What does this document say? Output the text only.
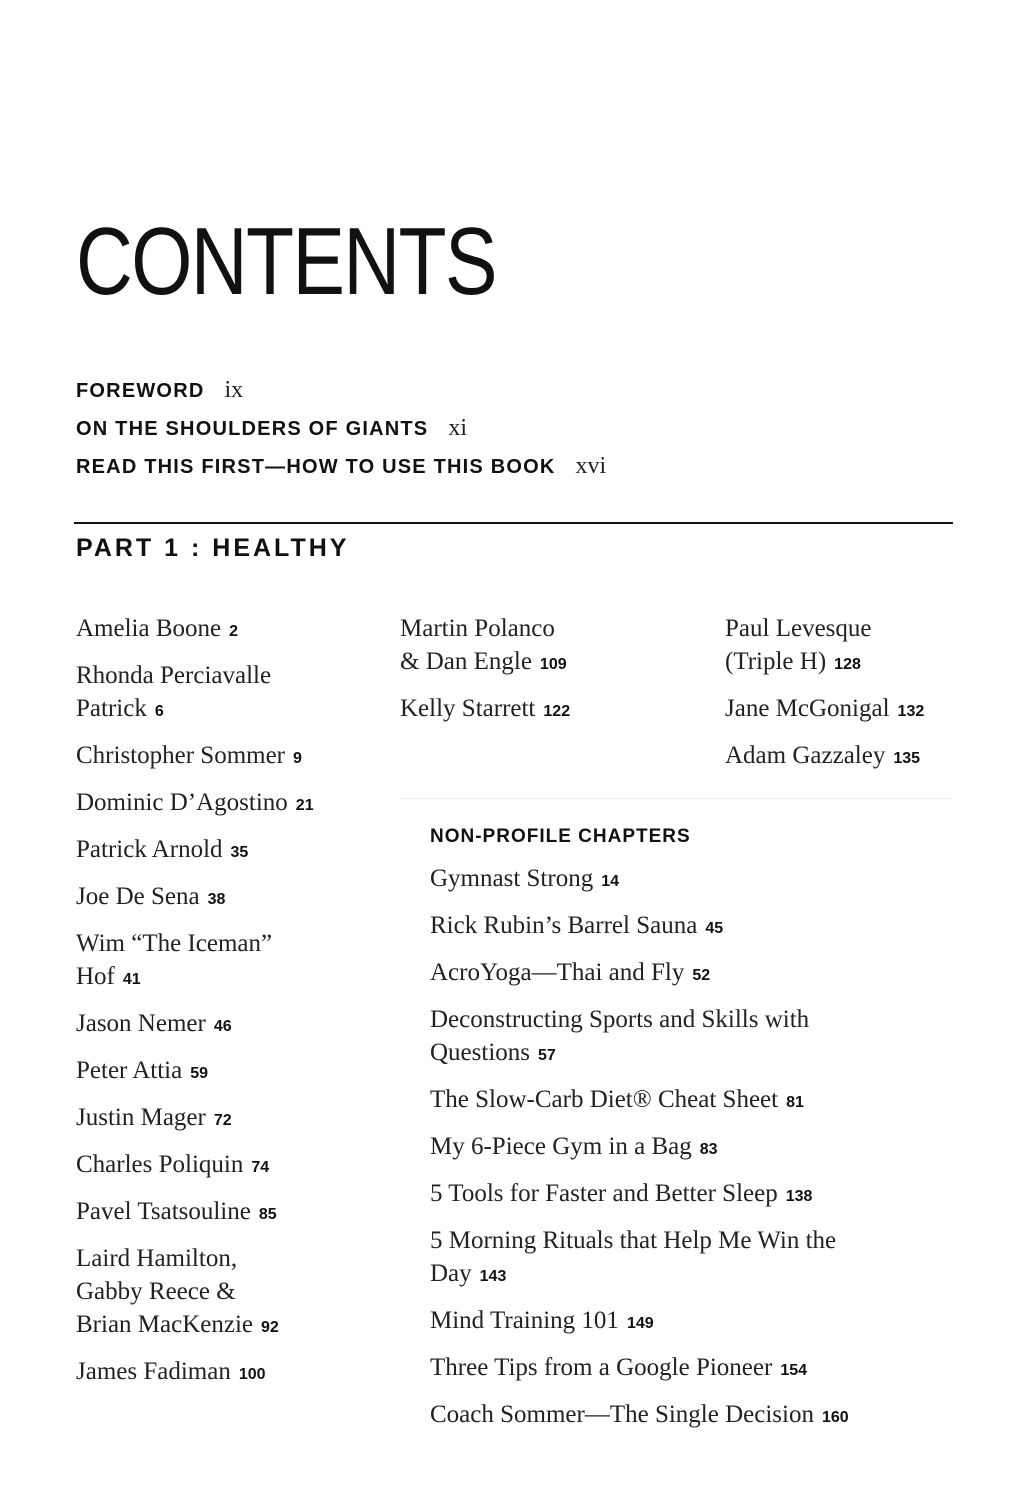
CONTENTS
FOREWORD ix
ON THE SHOULDERS OF GIANTS xi
READ THIS FIRST—HOW TO USE THIS BOOK xvi
PART 1 : HEALTHY
Amelia Boone 2
Rhonda Perciavalle
Patrick 6
Christopher Sommer 9
Dominic D’Agostino 21
Patrick Arnold 35
Joe De Sena 38
Wim “The Iceman”
Hof 41
Jason Nemer 46
Peter Attia 59
Justin Mager 72
Charles Poliquin 74
Pavel Tsatsouline 85
Laird Hamilton,
Gabby Reece &
Brian MacKenzie 92
James Fadiman 100
Martin Polanco
& Dan Engle 109
Kelly Starrett 122
Paul Levesque
(Triple H) 128
Jane McGonigal 132
Adam Gazzaley 135
NON-PROFILE CHAPTERS
Gymnast Strong 14
Rick Rubin’s Barrel Sauna 45
AcroYoga—Thai and Fly 52
Deconstructing Sports and Skills with
Questions 57
The Slow-Carb Diet® Cheat Sheet 81
My 6-Piece Gym in a Bag 83
5 Tools for Faster and Better Sleep 138
5 Morning Rituals that Help Me Win the
Day 143
Mind Training 101 149
Three Tips from a Google Pioneer 154
Coach Sommer—The Single Decision 160
